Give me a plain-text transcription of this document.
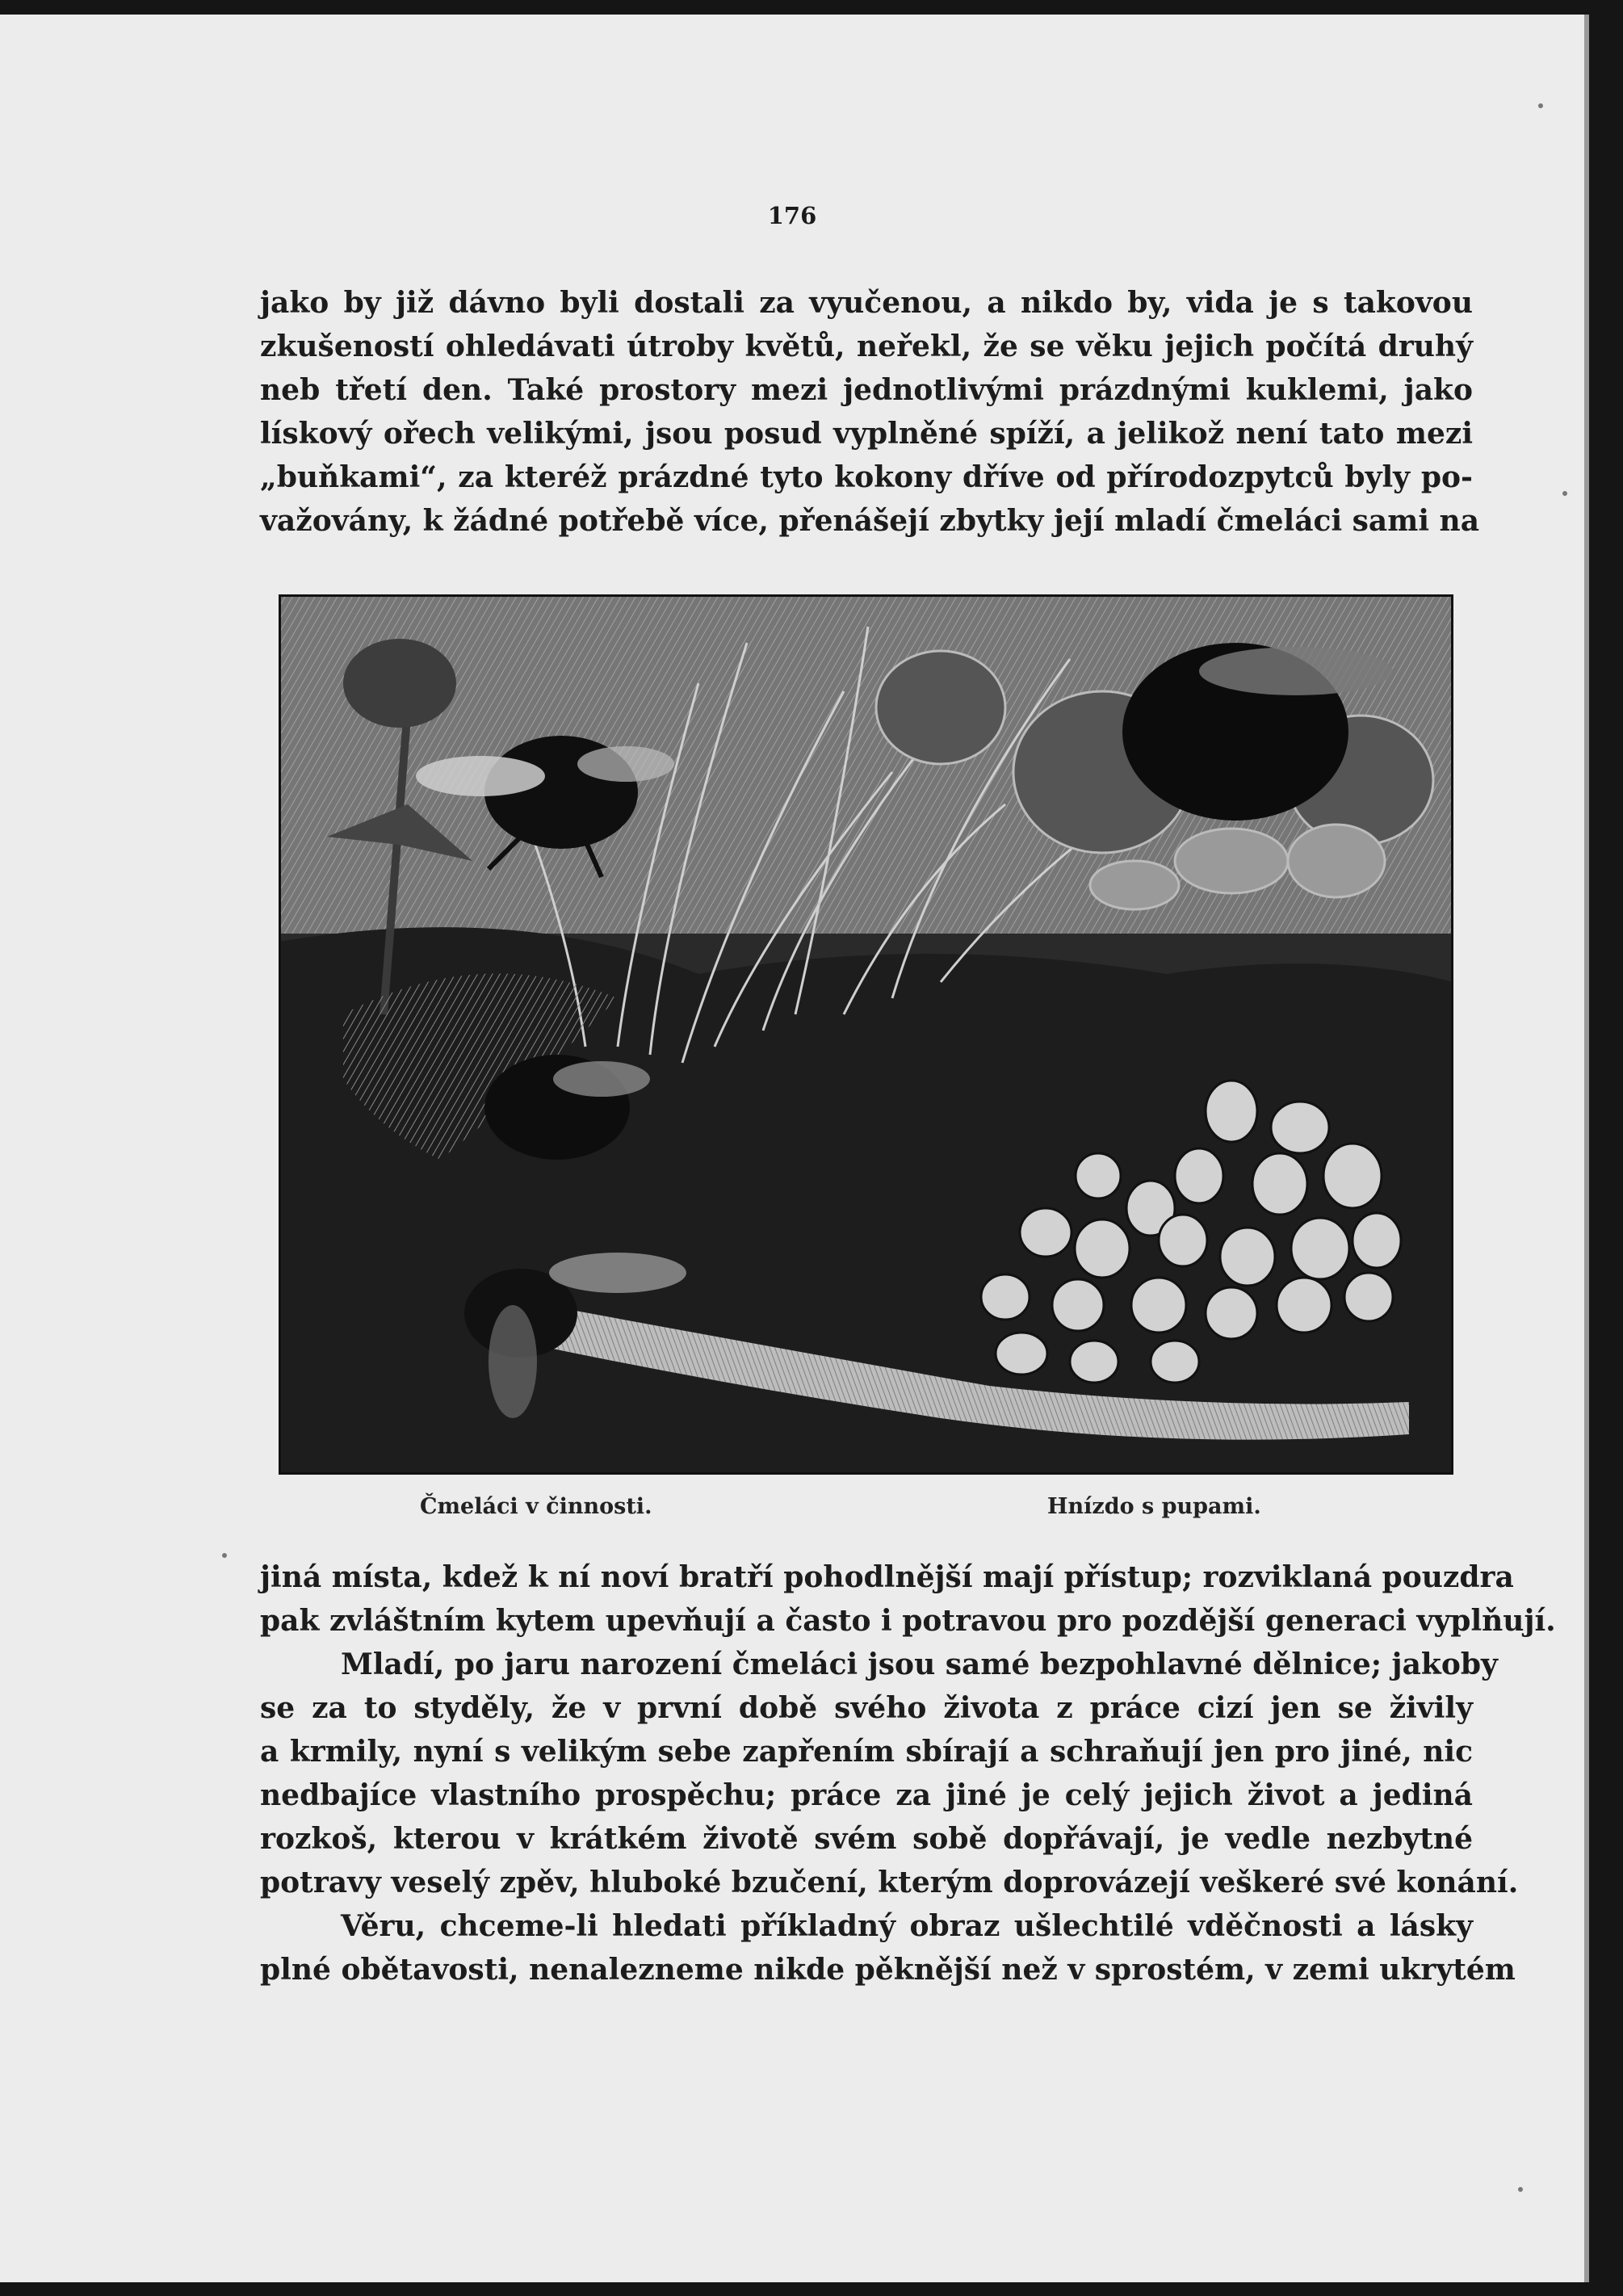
176
jako by již dávno byli dostali za vyučenou, a nikdo by, vida je s takovou
zkušeností ohledávati útroby květů, neřekl, že se věku jejich počítá druhý
neb třetí den. Také prostory mezi jednotlivými prázdnými kuklemi, jako
lískový ořech velikými, jsou posud vyplněné spíží, a jelikož není tato mezi
„buňkami“, za kteréž prázdné tyto kokony dříve od přírodozpytců byly po-
važovány, k žádné potřebě více, přenášejí zbytky její mladí čmeláci sami na
Čmeláci v činnosti.	Hnízdo s pupami.
jiná místa, kdež k ní noví bratří pohodlnější mají přístup; rozviklaná pouzdra
pak zvláštním kytem upevňují a často i potravou pro pozdější generaci vyplňují.
Mladí, po jaru narození čmeláci jsou samé bezpohlavné dělnice; jakoby
se za to styděly, že v první době svého života z práce cizí jen se živily
a krmily, nyní s velikým sebe zapřením sbírají a schraňují jen pro jiné, nic
nedbajíce vlastního prospěchu; práce za jiné je celý jejich život a jediná
rozkoš, kterou v krátkém životě svém sobě dopřávají, je vedle nezbytné
potravy veselý zpěv, hluboké bzučení, kterým doprovázejí veškeré své konání.
Věru, chceme-li hledati příkladný obraz ušlechtilé vděčnosti a lásky
plné obětavosti, nenalezneme nikde pěknější než v sprostém, v zemi ukrytém
